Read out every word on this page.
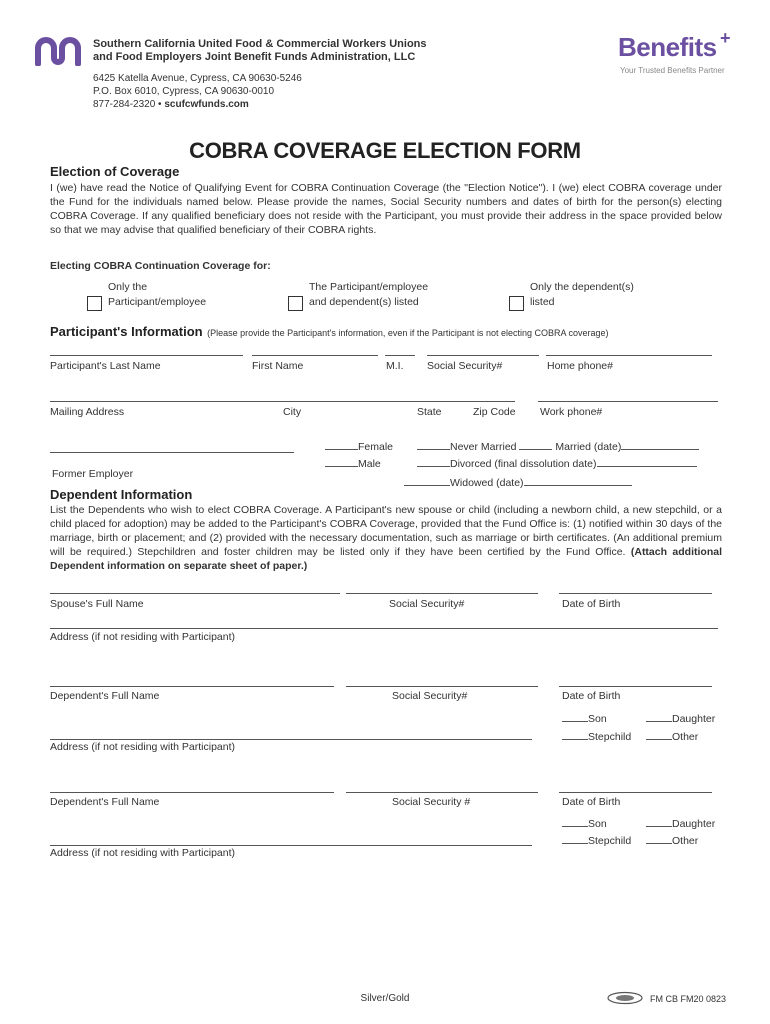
Southern California United Food & Commercial Workers Unions
and Food Employers Joint Benefit Funds Administration, LLC
6425 Katella Avenue, Cypress, CA 90630-5246
P.O. Box 6010, Cypress, CA 90630-0010
877-284-2320 • scufcwfunds.com
Benefits +
Your Trusted Benefits Partner
COBRA COVERAGE ELECTION FORM
Election of Coverage
I (we) have read the Notice of Qualifying Event for COBRA Continuation Coverage (the "Election Notice"). I (we) elect COBRA coverage under the Fund for the individuals named below. Please provide the names, Social Security numbers and dates of birth for the person(s) electing COBRA Coverage. If any qualified beneficiary does not reside with the Participant, you must provide their address in the space provided below so that we may advise that qualified beneficiary of their COBRA rights.
Electing COBRA Continuation Coverage for:
Only the
Participant/employee
The Participant/employee
and dependent(s) listed
Only the dependent(s)
listed
Participant's Information (Please provide the Participant's information, even if the Participant is not electing COBRA coverage)
Participant's Last Name	First Name	M.I. Social Security#	Home phone#
Mailing Address	City	State	Zip Code Work phone#
Former Employer
Female
Male
Never Married	Married (date)
Divorced (final dissolution date)
Widowed (date)
Dependent Information
List the Dependents who wish to elect COBRA Coverage. A Participant's new spouse or child (including a newborn child, a new stepchild, or a child placed for adoption) may be added to the Participant's COBRA Coverage, provided that the Fund Office is: (1) notified within 30 days of the marriage, birth or placement; and (2) provided with the necessary documentation, such as marriage or birth certificates. (An additional premium will be required.) Stepchildren and foster children may be listed only if they have been certified by the Fund Office. (Attach additional Dependent information on separate sheet of paper.)
Spouse's Full Name	Social Security#	Date of Birth
Address (if not residing with Participant)
Dependent's Full Name	Social Security#	Date of Birth
Son	Daughter
Stepchild	Other
Address (if not residing with Participant)
Dependent's Full Name	Social Security #	Date of Birth
Son	Daughter
Stepchild	Other
Address (if not residing with Participant)
Silver/Gold	FM CB FM20 0823
